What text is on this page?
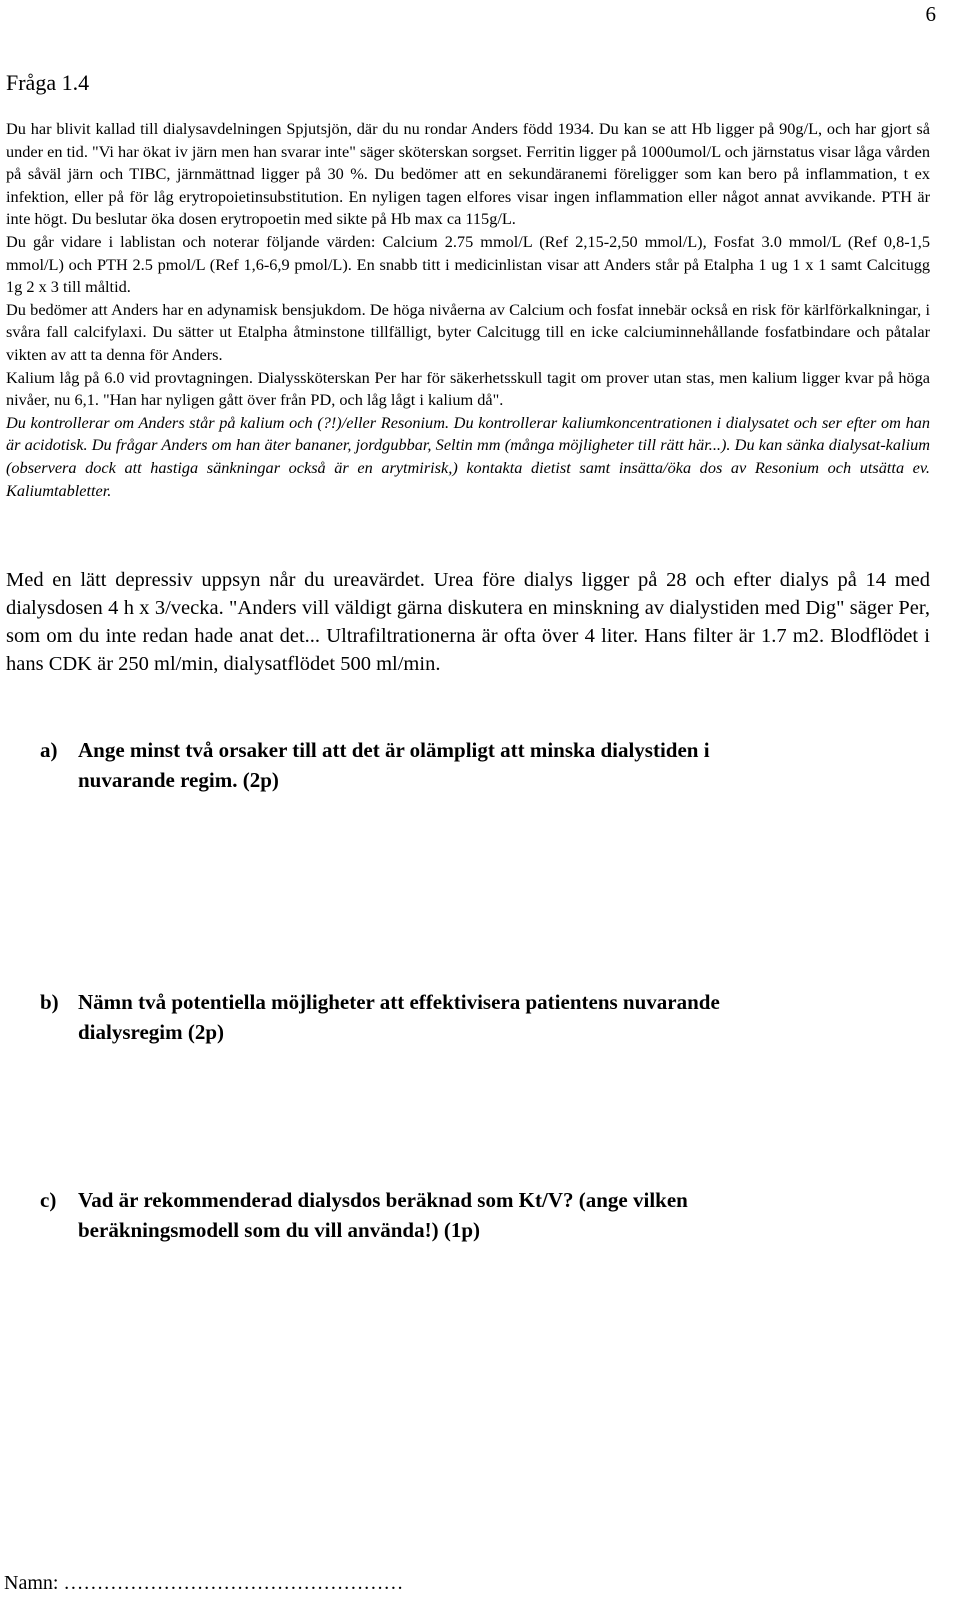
6
Fråga 1.4

Du har blivit kallad till dialysavdelningen Spjutsjön, där du nu rondar Anders född 1934. Du kan se att Hb ligger på 90g/L, och har gjort så under en tid. "Vi har ökat iv järn men han svarar inte" säger sköterskan sorgset. Ferritin ligger på 1000umol/L och järnstatus visar låga vården på såväl järn och TIBC, järnmättnad ligger på 30 %. Du bedömer att en sekundäranemi föreligger som kan bero på inflammation, t ex infektion, eller på för låg erytropoietinsubstitution. En nyligen tagen elfores visar ingen inflammation eller något annat avvikande. PTH är inte högt. Du beslutar öka dosen erytropoetin med sikte på Hb max ca 115g/L.

Du går vidare i lablistan och noterar följande värden: Calcium 2.75 mmol/L (Ref 2,15-2,50 mmol/L), Fosfat 3.0 mmol/L (Ref 0,8-1,5 mmol/L) och PTH 2.5 pmol/L (Ref 1,6-6,9 pmol/L). En snabb titt i medicinlistan visar att Anders står på Etalpha 1 ug 1 x 1 samt Calcitugg 1g 2 x 3 till måltid.

Du bedömer att Anders har en adynamisk bensjukdom. De höga nivåerna av Calcium och fosfat innebär också en risk för kärlförkalkningar, i svåra fall calcifylaxi. Du sätter ut Etalpha åtminstone tillfälligt, byter Calcitugg till en icke calciuminnehållande fosfatbindare och påtalar vikten av att ta denna för Anders.

Kalium låg på 6.0 vid provtagningen. Dialyssköterskan Per har för säkerhetsskull tagit om prover utan stas, men kalium ligger kvar på höga nivåer, nu 6,1. "Han har nyligen gått över från PD, och låg lågt i kalium då".

Du kontrollerar om Anders står på kalium och (?!)/eller Resonium. Du kontrollerar kaliumkoncentrationen i dialysatet och ser efter om han är acidotisk. Du frågar Anders om han äter bananer, jordgubbar, Seltin mm (många möjligheter till rätt här...). Du kan sänka dialysat-kalium (observera dock att hastiga sänkningar också är en arytmirisk,) kontakta dietist samt insätta/öka dos av Resonium och utsätta ev. Kaliumtabletter.

Med en lätt depressiv uppsyn når du ureavärdet. Urea före dialys ligger på 28 och efter dialys på 14 med dialysdosen 4 h x 3/vecka. "Anders vill väldigt gärna diskutera en minskning av dialystiden med Dig" säger Per, som om du inte redan hade anat det... Ultrafiltrationerna är ofta över 4 liter. Hans filter är 1.7 m2. Blodflödet i hans CDK är 250 ml/min, dialysatflödet 500 ml/min.

a) Ange minst två orsaker till att det är olämpligt att minska dialystiden i
nuvarande regim. (2p)
b) Nämn två potentiella möjligheter att effektivisera patientens nuvarande
dialysregim (2p)
c) Vad är rekommenderad dialysdos beräknad som Kt/V? (ange vilken
beräkningsmodell som du vill använda!) (1p)
Namn: ……………………………………………
